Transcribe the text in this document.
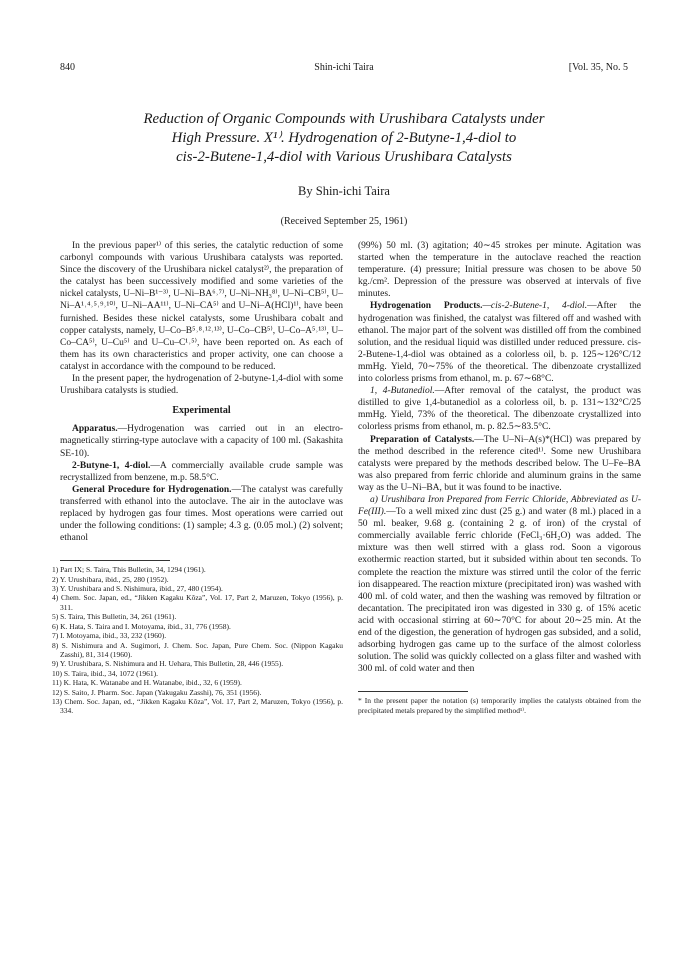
840	Shin-ichi Taira	[Vol. 35, No. 5
Reduction of Organic Compounds with Urushibara Catalysts under
High Pressure. X¹⁾. Hydrogenation of 2-Butyne-1,4-diol to
cis-2-Butene-1,4-diol with Various Urushibara Catalysts
By Shin-ichi Taira
(Received September 25, 1961)

In the previous paper¹⁾ of this series, the catalytic reduction of some carbonyl compounds with various Urushibara catalysts was reported. Since the discovery of the Urushibara nickel catalyst²⁾, the preparation of the catalyst has been successively modified and some varieties of the nickel catalysts, U–Ni–B¹⁻³⁾, U–Ni–BA⁶˒⁷⁾, U–Ni–NH₃⁸⁾, U–Ni–CB⁵⁾, U–Ni–A¹˒⁴˒⁵˒⁹˒¹⁰⁾, U–Ni–AA¹¹⁾, U–Ni–CA⁵⁾ and U–Ni–A(HCl)¹⁾, have been furnished. Besides these nickel catalysts, some Urushibara cobalt and copper catalysts, namely, U–Co–B⁵˒⁸˒¹²˒¹³⁾, U–Co–CB⁵⁾, U–Co–A⁵˒¹³⁾, U–Co–CA⁵⁾, U–Cu⁵⁾ and U–Cu–C¹˒⁵⁾, have been reported on. As each of them has its own characteristics and proper activity, one can choose a catalyst in accordance with the compound to be reduced.

In the present paper, the hydrogenation of 2-butyne-1,4-diol with some Urushibara catalysts is studied.

Experimental

Apparatus.—Hydrogenation was carried out in an electro-magnetically stirring-type autoclave with a capacity of 100 ml. (Sakashita SE-10).

2-Butyne-1, 4-diol.—A commercially available crude sample was recrystallized from benzene, m.p. 58.5°C.

General Procedure for Hydrogenation.—The catalyst was carefully transferred with ethanol into the autoclave. The air in the autoclave was replaced by hydrogen gas four times. Most operations were carried out under the following conditions: (1) sample; 4.3 g. (0.05 mol.) (2) solvent; ethanol

1) Part IX; S. Taira, This Bulletin, 34, 1294 (1961).

2) Y. Urushibara, ibid., 25, 280 (1952).

3) Y. Urushibara and S. Nishimura, ibid., 27, 480 (1954).

4) Chem. Soc. Japan, ed., “Jikken Kagaku Kôza”, Vol. 17, Part 2, Maruzen, Tokyo (1956), p. 311.

5) S. Taira, This Bulletin, 34, 261 (1961).

6) K. Hata, S. Taira and I. Motoyama, ibid., 31, 776 (1958).

7) I. Motoyama, ibid., 33, 232 (1960).

8) S. Nishimura and A. Sugimori, J. Chem. Soc. Japan, Pure Chem. Soc. (Nippon Kagaku Zasshi), 81, 314 (1960).

9) Y. Urushibara, S. Nishimura and H. Uehara, This Bulletin, 28, 446 (1955).

10) S. Taira, ibid., 34, 1072 (1961).

11) K. Hata, K. Watanabe and H. Watanabe, ibid., 32, 6 (1959).

12) S. Saito, J. Pharm. Soc. Japan (Yakugaku Zasshi), 76, 351 (1956).

13) Chem. Soc. Japan, ed., “Jikken Kagaku Kôza”, Vol. 17, Part 2, Maruzen, Tokyo (1956), p. 334.

(99%) 50 ml. (3) agitation; 40∼45 strokes per minute. Agitation was started when the temperature in the autoclave reached the reaction temperature. (4) pressure; Initial pressure was chosen to be above 50 kg./cm². Depression of the pressure was observed at intervals of five minutes.

Hydrogenation Products.—cis-2-Butene-1, 4-diol.—After the hydrogenation was finished, the catalyst was filtered off and washed with ethanol. The major part of the solvent was distilled off from the combined solution, and the residual liquid was distilled under reduced pressure. cis-2-Butene-1,4-diol was obtained as a colorless oil, b. p. 125∼126°C/12 mmHg. Yield, 70∼75% of the theoretical. The dibenzoate crystallized into colorless prisms from ethanol, m. p. 67∼68°C.

1, 4-Butanediol.—After removal of the catalyst, the product was distilled to give 1,4-butanediol as a colorless oil, b. p. 131∼132°C/25 mmHg. Yield, 73% of the theoretical. The dibenzoate crystallized into colorless prisms from ethanol, m. p. 82.5∼83.5°C.

Preparation of Catalysts.—The U–Ni–A(s)*(HCl) was prepared by the method described in the reference cited¹⁾. Some new Urushibara catalysts were prepared by the methods described below. The U–Fe–BA was also prepared from ferric chloride and aluminum grains in the same way as the U–Ni–BA, but it was found to be inactive.

a) Urushibara Iron Prepared from Ferric Chloride, Abbreviated as U-Fe(III).—To a well mixed zinc dust (25 g.) and water (8 ml.) placed in a 50 ml. beaker, 9.68 g. (containing 2 g. of iron) of the crystal of commercially available ferric chloride (FeCl₃·6H₂O) was added. The mixture was then well stirred with a glass rod. Soon a vigorous exothermic reaction started, but it subsided within about ten seconds. To complete the reaction the mixture was stirred until the color of the ferric ion disappeared. The reaction mixture (precipitated iron) was washed with 400 ml. of cold water, and then the washing was removed by filtration or decantation. The precipitated iron was digested in 330 g. of 15% acetic acid with occasional stirring at 60∼70°C for about 20∼25 min. At the end of the digestion, the generation of hydrogen gas subsided, and a solid, adsorbing hydrogen gas came up to the surface of the almost colorless solution. The solid was quickly collected on a glass filter and washed with 300 ml. of cold water and then

* In the present paper the notation (s) temporarily implies the catalysts obtained from the precipitated metals prepared by the simplified method¹⁾.
